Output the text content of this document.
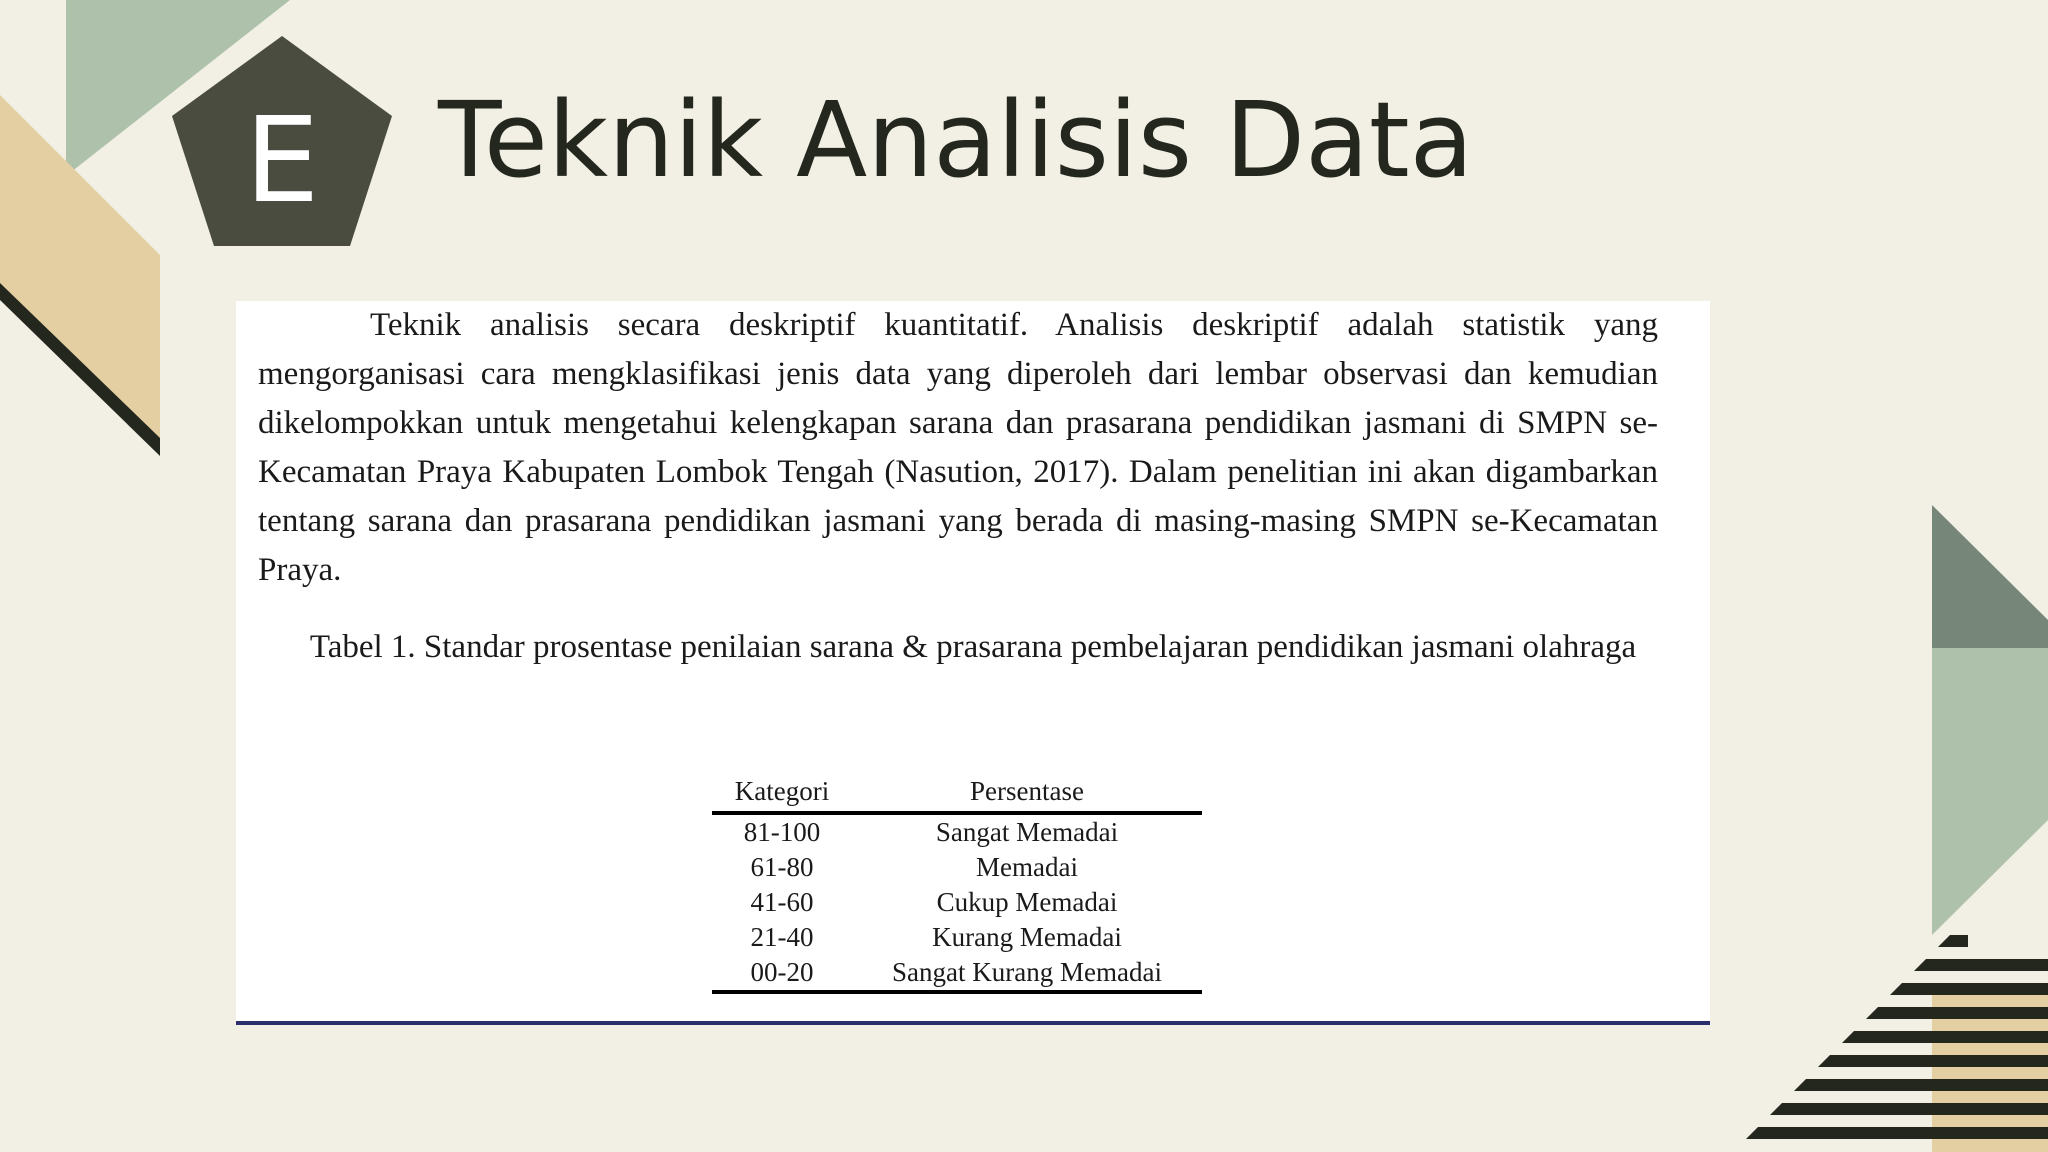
E	Teknik Analisis Data

Teknik analisis secara deskriptif kuantitatif. Analisis deskriptif adalah statistik yang mengorganisasi cara mengklasifikasi jenis data yang diperoleh dari lembar observasi dan kemudian dikelompokkan untuk mengetahui kelengkapan sarana dan prasarana pendidikan jasmani di SMPN se-Kecamatan Praya Kabupaten Lombok Tengah (Nasution, 2017). Dalam penelitian ini akan digambarkan tentang sarana dan prasarana pendidikan jasmani yang berada di masing-masing SMPN se-Kecamatan Praya.

Tabel 1. Standar prosentase penilaian sarana & prasarana pembelajaran pendidikan jasmani olahraga

Kategori	Persentase
81-100	Sangat Memadai
61-80	Memadai
41-60	Cukup Memadai
21-40	Kurang Memadai
00-20	Sangat Kurang Memadai
